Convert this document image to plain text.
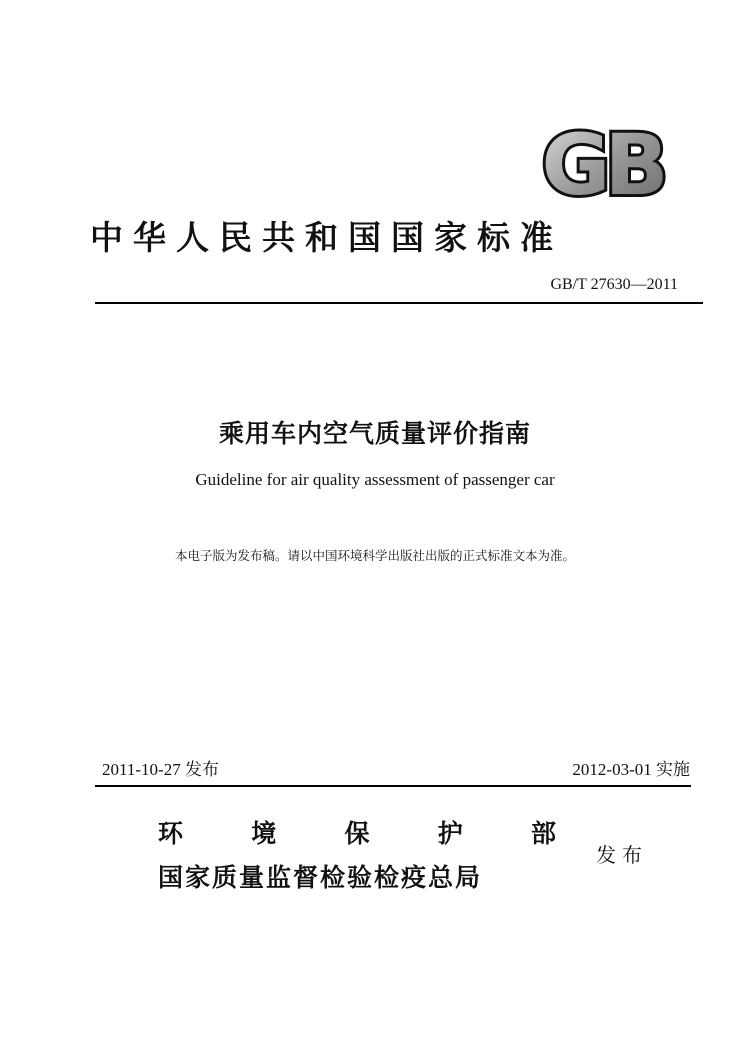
GB
中华人民共和国国家标准
GB/T 27630—2011
乘用车内空气质量评价指南
Guideline for air quality assessment of passenger car
本电子版为发布稿。请以中国环境科学出版社出版的正式标准文本为准。
2011-10-27 发布	2012-03-01 实施
环	境	保	护	部
国家质量监督检验检疫总局
发布
